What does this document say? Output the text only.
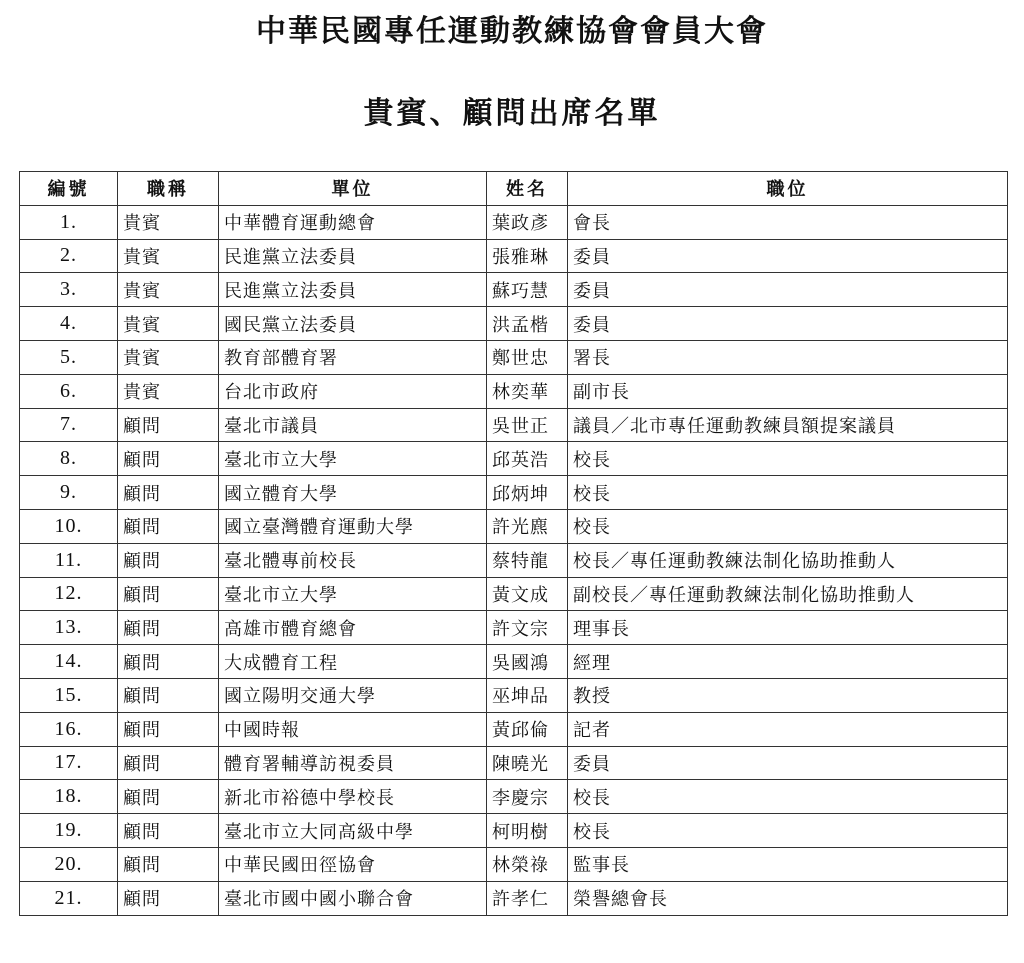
中華民國專任運動教練協會會員大會
貴賓、顧問出席名單
編號	職稱	單位	姓名	職位
1.	貴賓	中華體育運動總會	葉政彥	會長
2.	貴賓	民進黨立法委員	張雅琳	委員
3.	貴賓	民進黨立法委員	蘇巧慧	委員
4.	貴賓	國民黨立法委員	洪孟楷	委員
5.	貴賓	教育部體育署	鄭世忠	署長
6.	貴賓	台北市政府	林奕華	副市長
7.	顧問	臺北市議員	吳世正	議員／北市專任運動教練員額提案議員
8.	顧問	臺北市立大學	邱英浩	校長
9.	顧問	國立體育大學	邱炳坤	校長
10.	顧問	國立臺灣體育運動大學	許光麃	校長
11.	顧問	臺北體專前校長	蔡特龍	校長／專任運動教練法制化協助推動人
12.	顧問	臺北市立大學	黃文成	副校長／專任運動教練法制化協助推動人
13.	顧問	高雄市體育總會	許文宗	理事長
14.	顧問	大成體育工程	吳國鴻	經理
15.	顧問	國立陽明交通大學	巫坤品	教授
16.	顧問	中國時報	黃邱倫	記者
17.	顧問	體育署輔導訪視委員	陳曉光	委員
18.	顧問	新北市裕德中學校長	李慶宗	校長
19.	顧問	臺北市立大同高級中學	柯明樹	校長
20.	顧問	中華民國田徑協會	林榮祿	監事長
21.	顧問	臺北市國中國小聯合會	許孝仁	榮譽總會長
